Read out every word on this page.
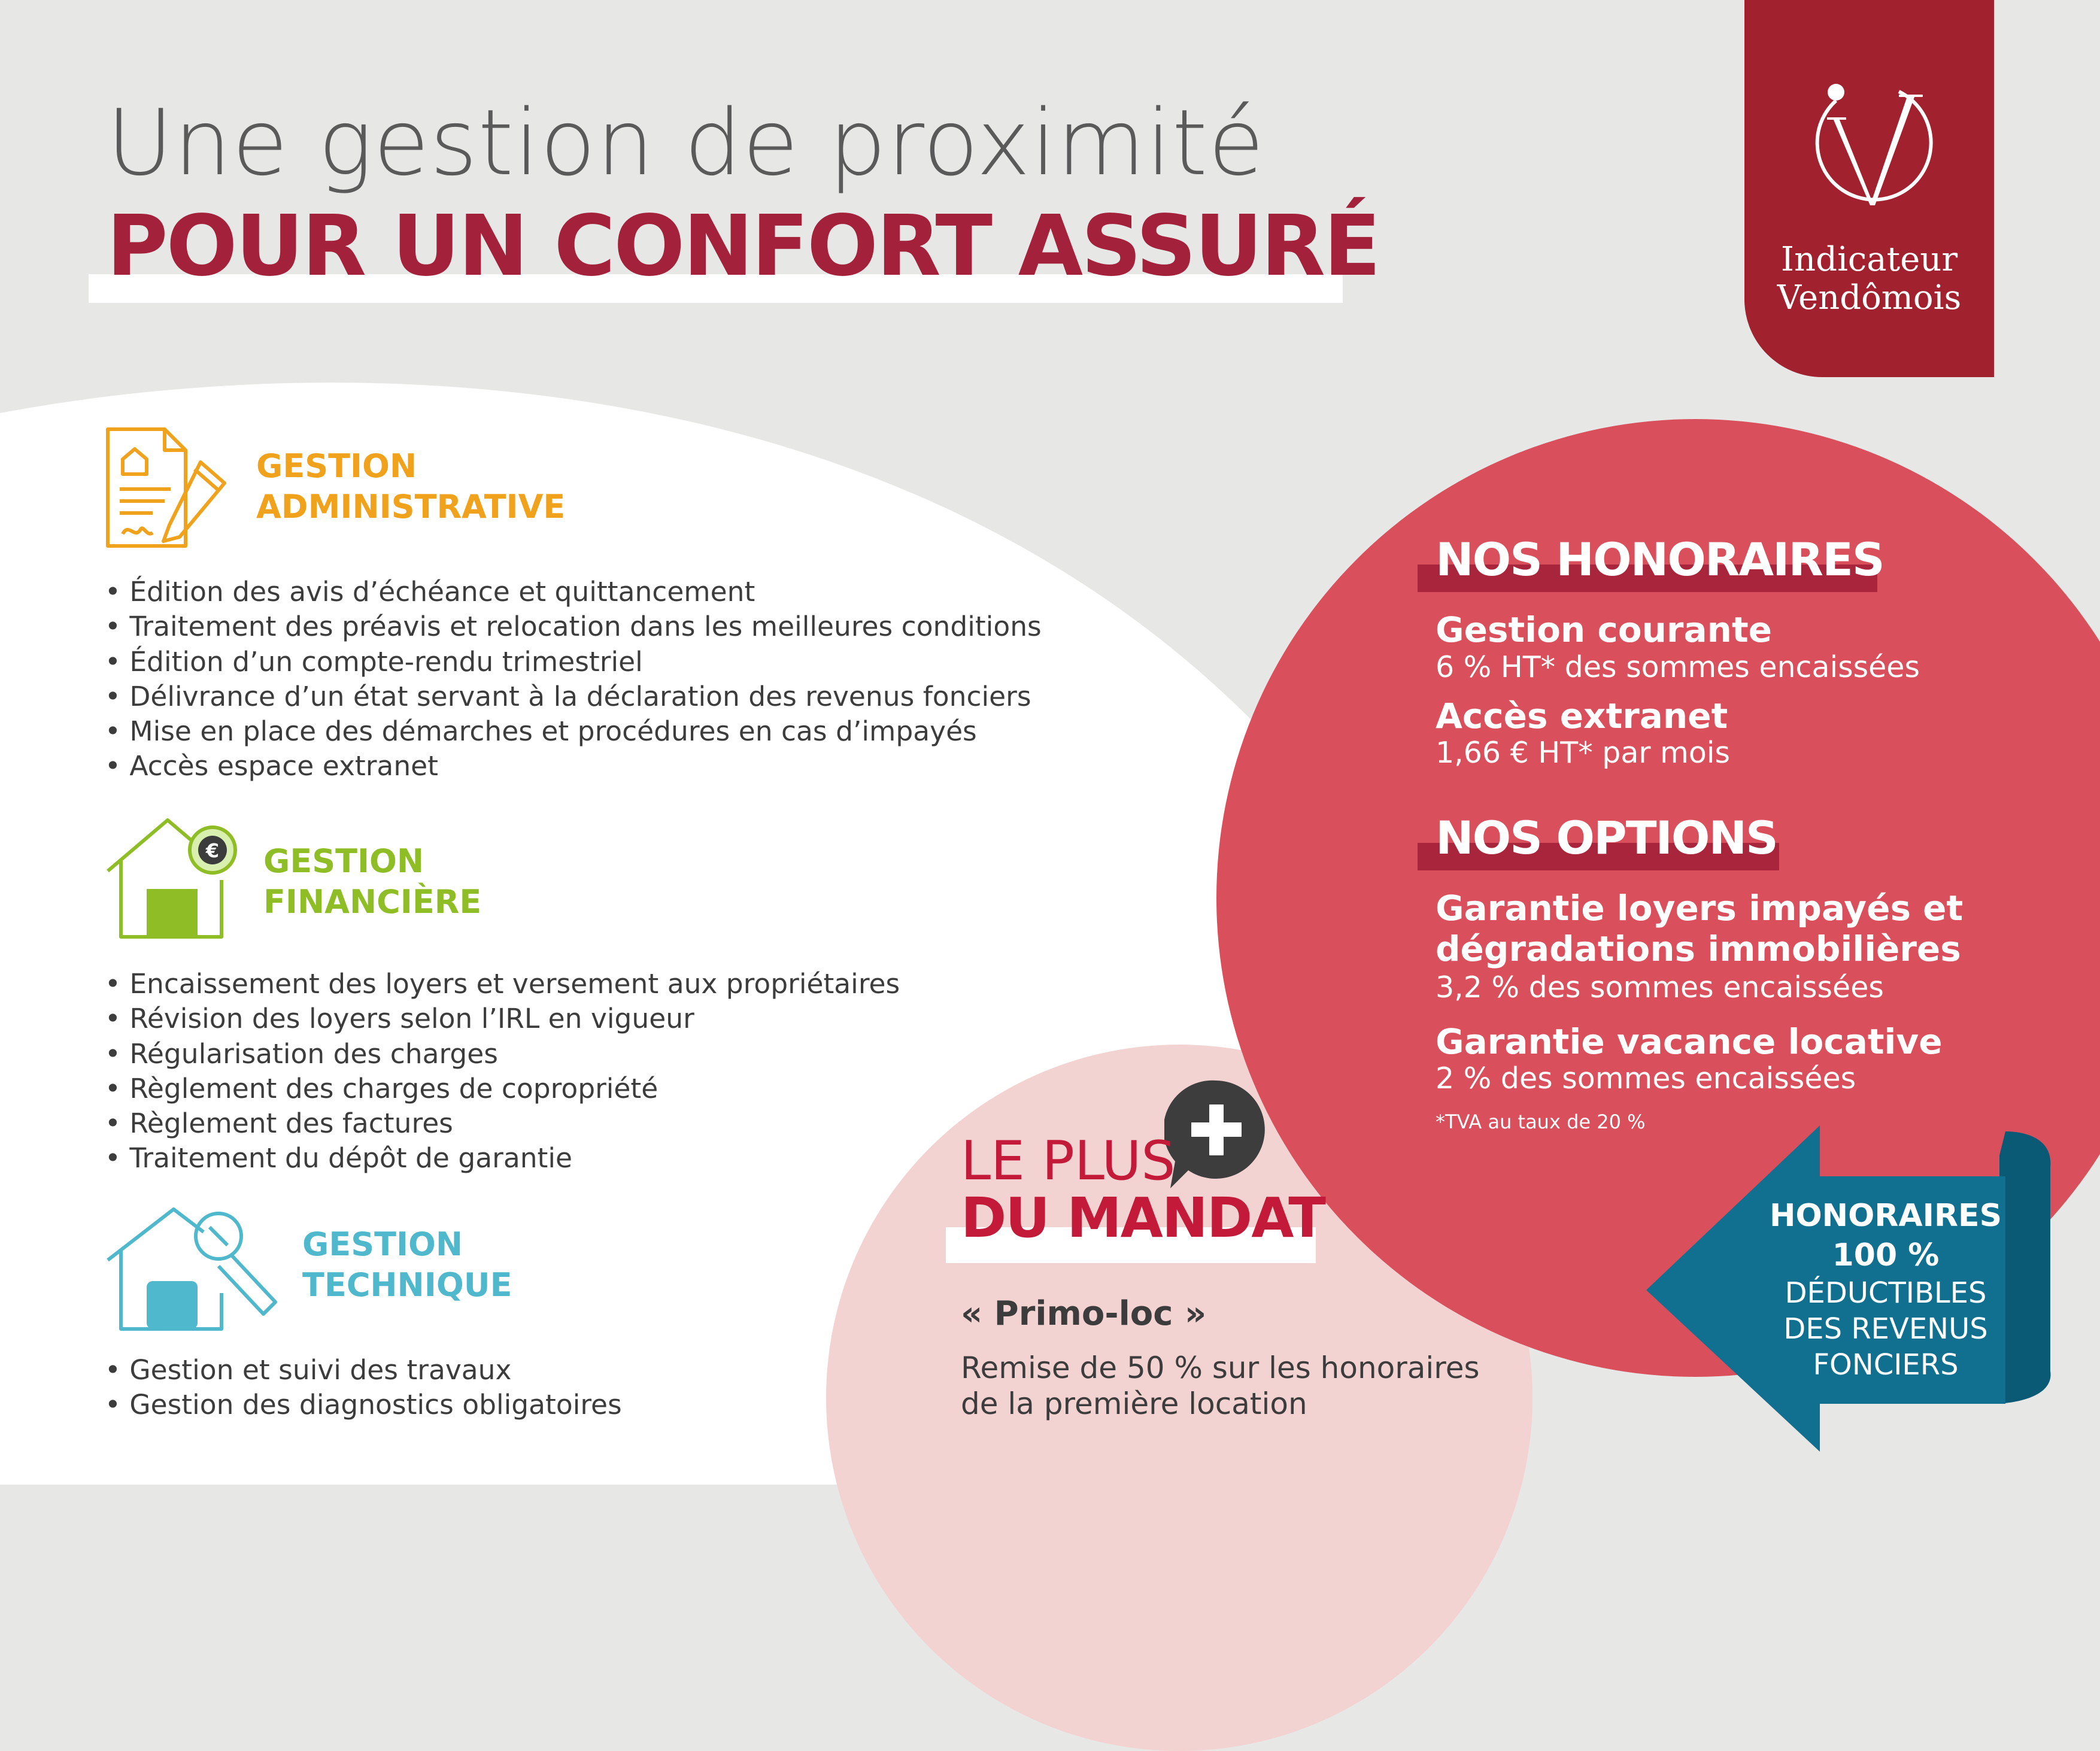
Une gestion de proximité
POUR UN CONFORT ASSURÉ	Indicateur
Vendômois
GESTION
ADMINISTRATIVE
• Édition des avis d’échéance et quittancement
• Traitement des préavis et relocation dans les meilleures conditions
• Édition d’un compte-rendu trimestriel
• Délivrance d’un état servant à la déclaration des revenus fonciers
• Mise en place des démarches et procédures en cas d’impayés
• Accès espace extranet
€ GESTION
FINANCIÈRE
• Encaissement des loyers et versement aux propriétaires
• Révision des loyers selon l’IRL en vigueur
• Régularisation des charges
• Règlement des charges de copropriété
• Règlement des factures
• Traitement du dépôt de garantie
GESTION
TECHNIQUE
• Gestion et suivi des travaux
• Gestion des diagnostics obligatoires
NOS HONORAIRES
Gestion courante
6 % HT* des sommes encaissées
Accès extranet
1,66 € HT* par mois
NOS OPTIONS
Garantie loyers impayés et
dégradations immobilières
3,2 % des sommes encaissées
Garantie vacance locative
2 % des sommes encaissées
*TVA au taux de 20 %
HONORAIRES
100 %
DÉDUCTIBLES
DES REVENUS
FONCIERS
LE PLUS
DU MANDAT
« Primo-loc »
Remise de 50 % sur les honoraires
de la première location
